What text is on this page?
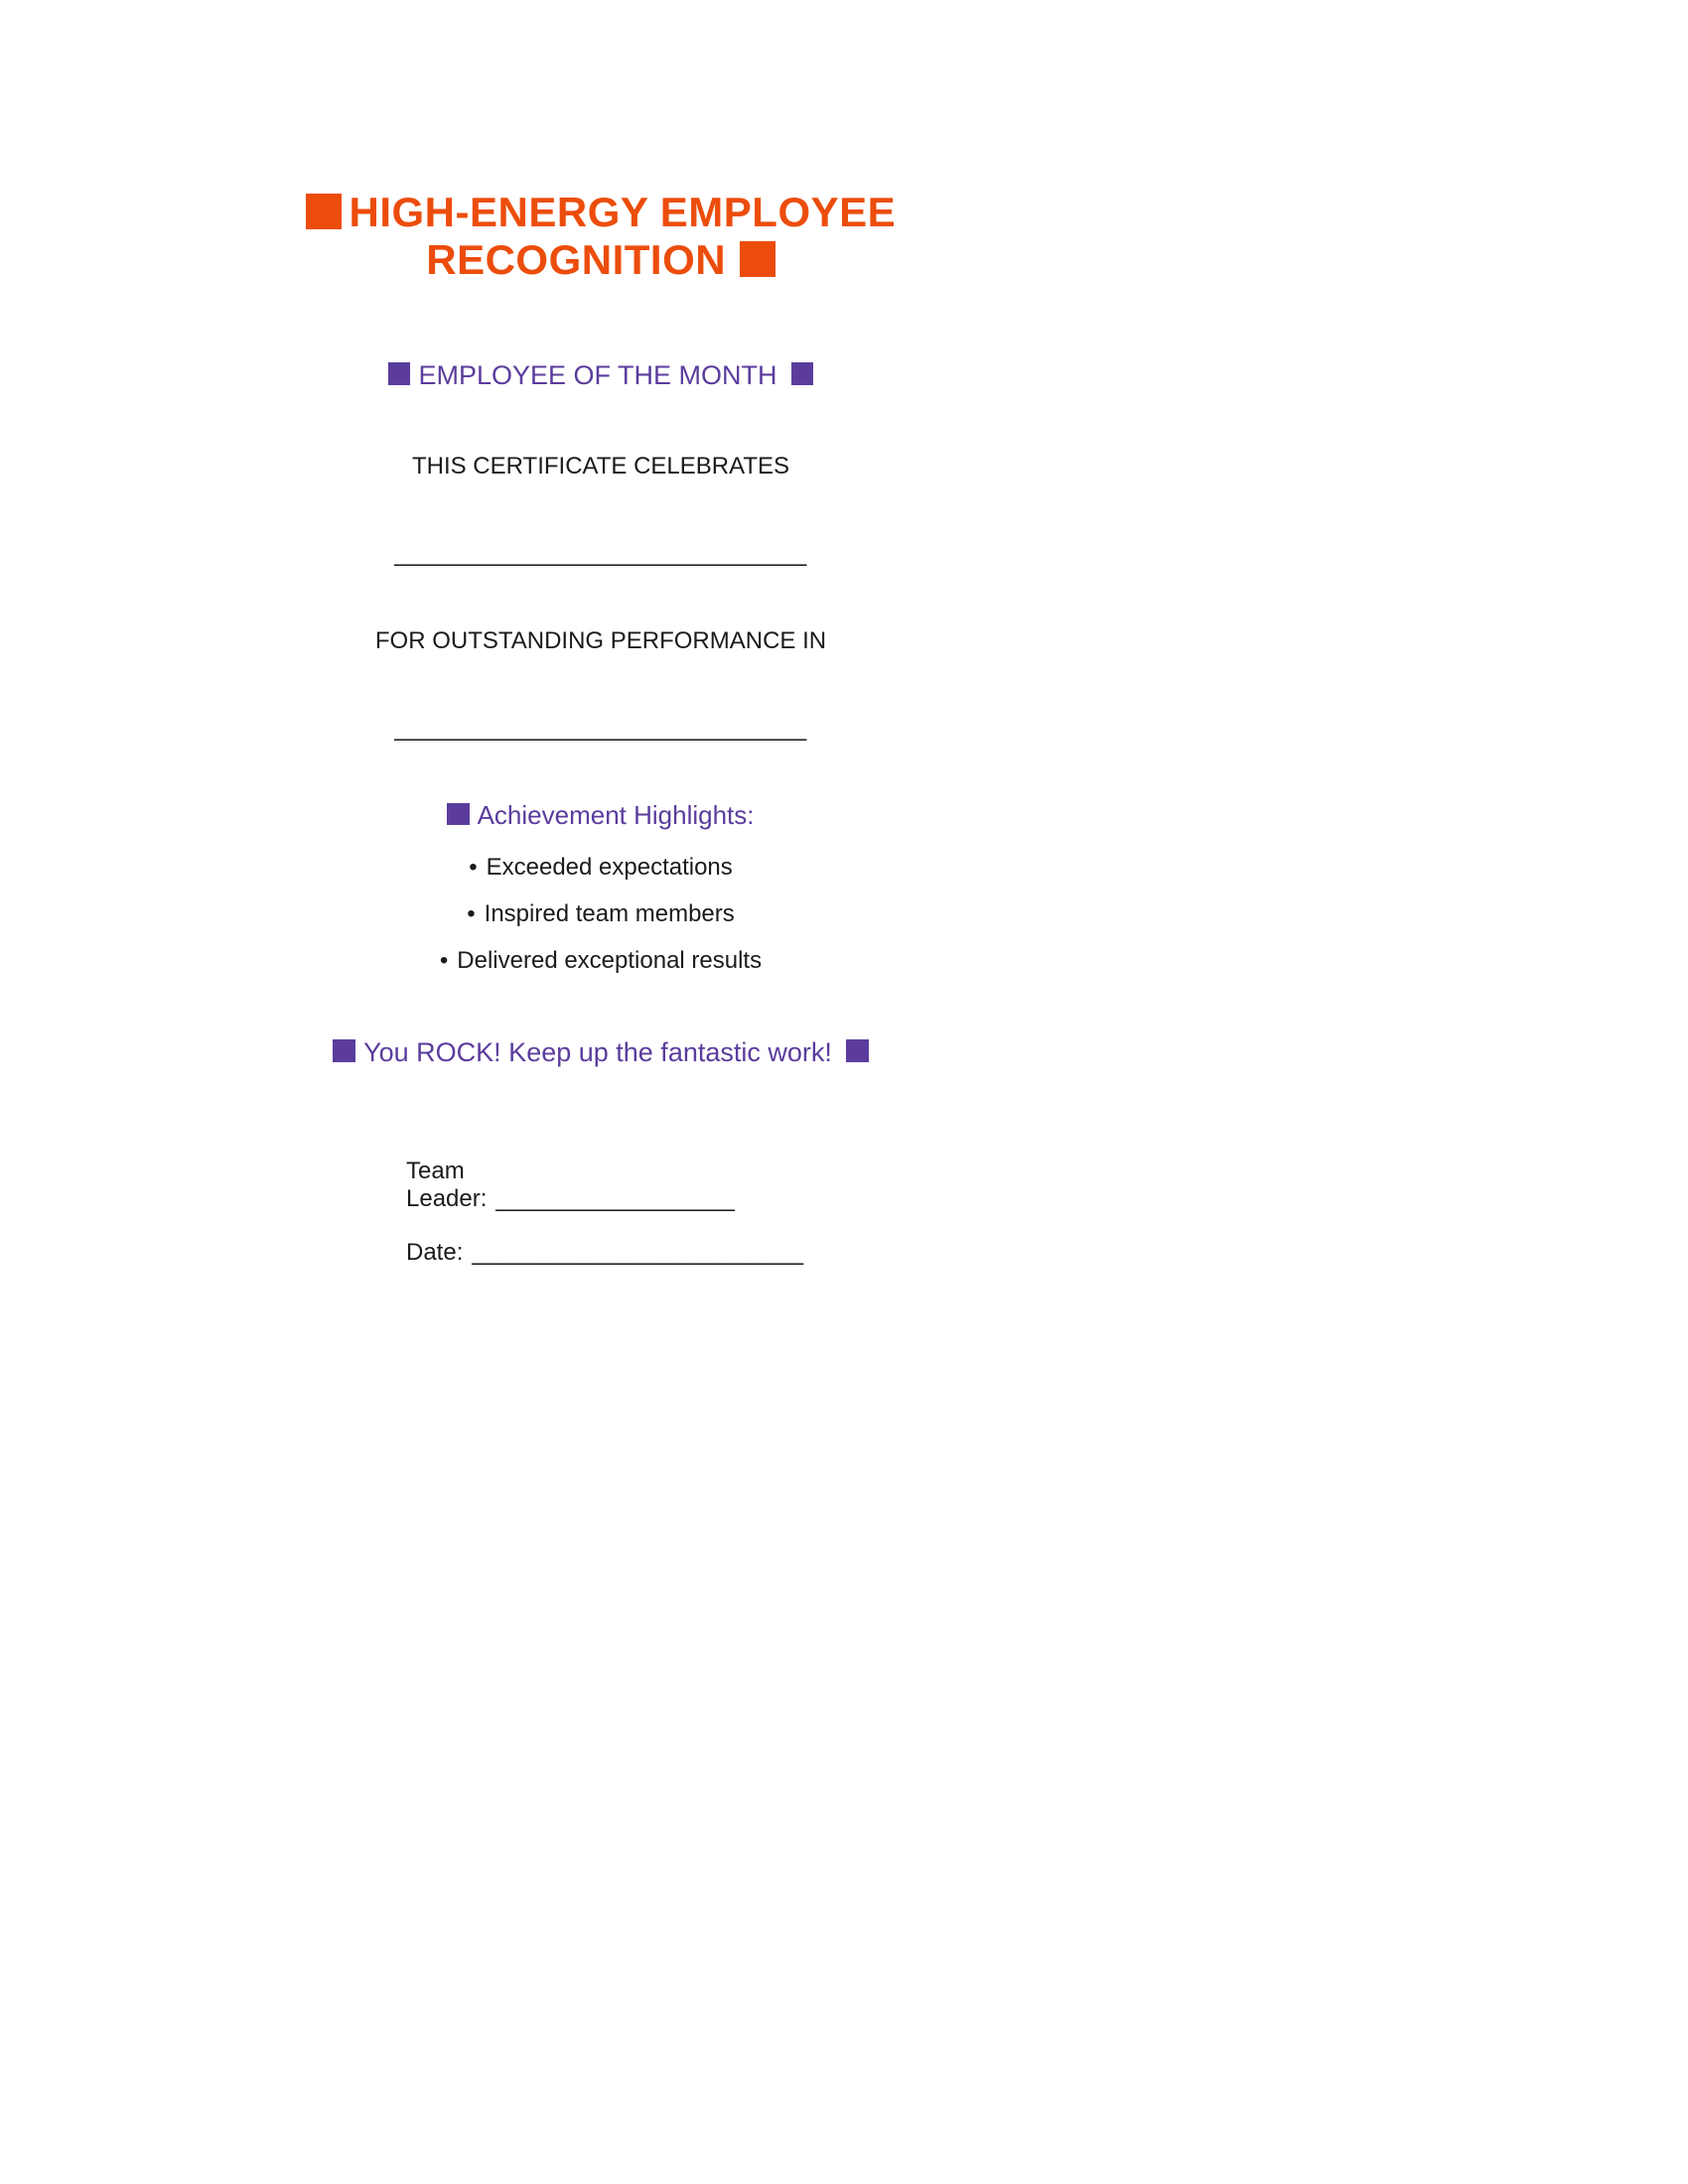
HIGH-ENERGY EMPLOYEE RECOGNITION
EMPLOYEE OF THE MONTH
THIS CERTIFICATE CELEBRATES
______________________________
FOR OUTSTANDING PERFORMANCE IN
______________________________
Achievement Highlights:
• Exceeded expectations
• Inspired team members
• Delivered exceptional results
You ROCK! Keep up the fantastic work!
Team Leader: __________________
Date: _________________________
